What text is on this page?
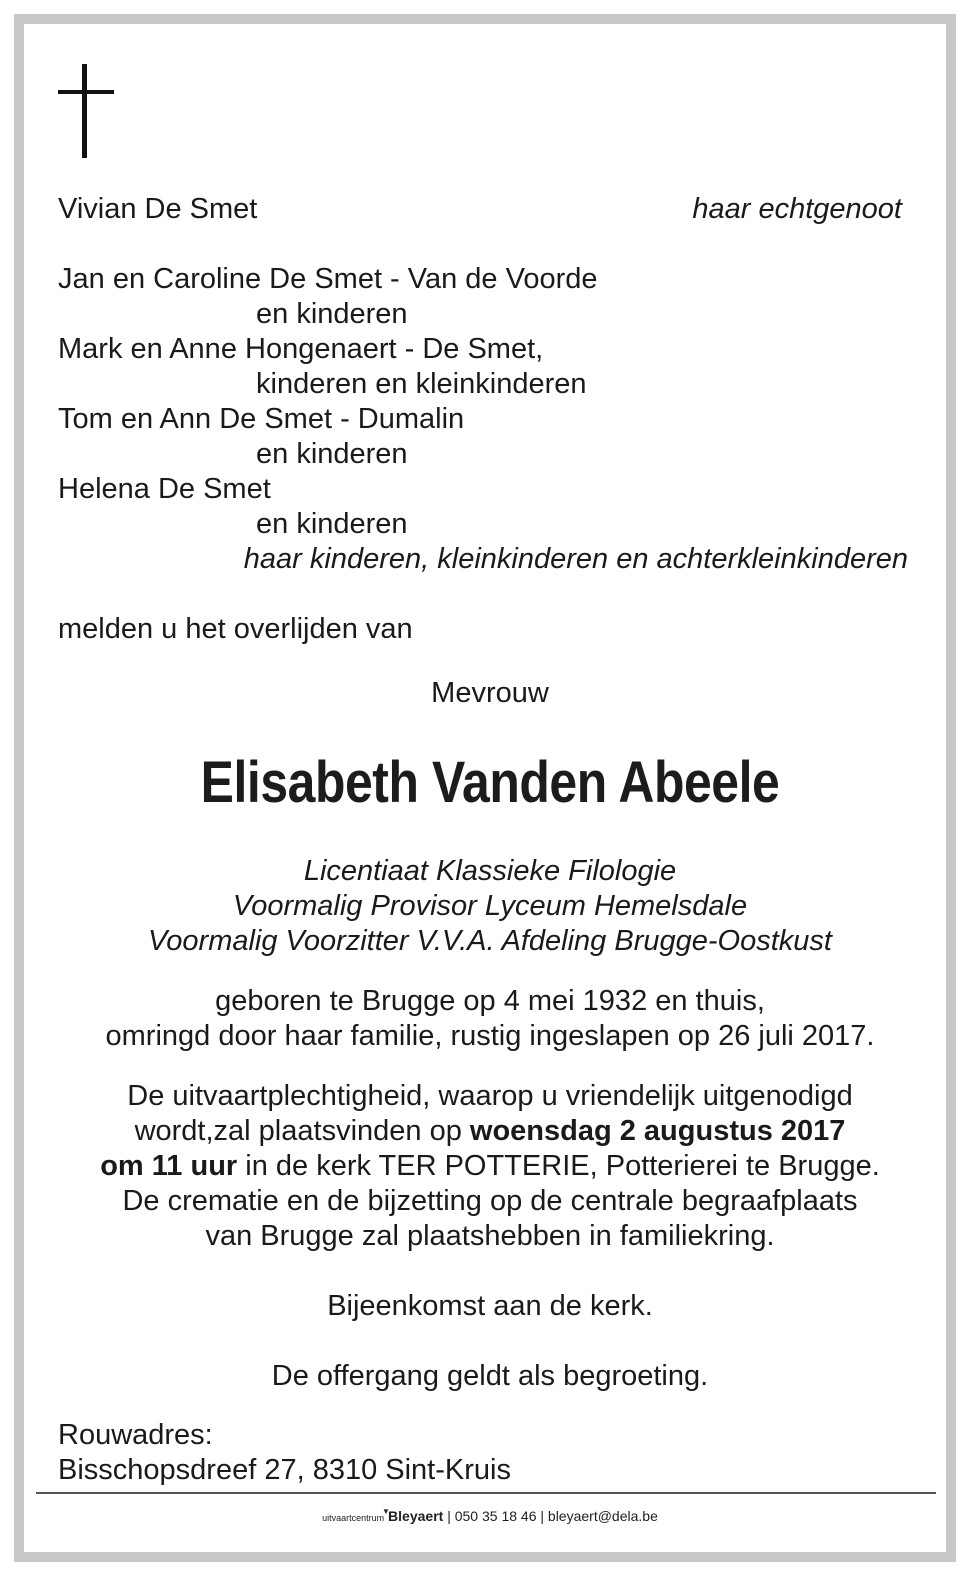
Vivian De Smet	haar echtgenoot
Jan en Caroline De Smet - Van de Voorde
en kinderen
Mark en Anne Hongenaert - De Smet,
kinderen en kleinkinderen
Tom en Ann De Smet - Dumalin
en kinderen
Helena De Smet
en kinderen
haar kinderen, kleinkinderen en achterkleinkinderen
melden u het overlijden van
Mevrouw
Elisabeth Vanden Abeele
Licentiaat Klassieke Filologie
Voormalig Provisor Lyceum Hemelsdale
Voormalig Voorzitter V.V.A. Afdeling Brugge-Oostkust
geboren te Brugge op 4 mei 1932 en thuis,
omringd door haar familie, rustig ingeslapen op 26 juli 2017.
De uitvaartplechtigheid, waarop u vriendelijk uitgenodigd
wordt,zal plaatsvinden op woensdag 2 augustus 2017
om 11 uur in de kerk TER POTTERIE, Potterierei te Brugge.
De crematie en de bijzetting op de centrale begraafplaats
van Brugge zal plaatshebben in familiekring.
Bijeenkomst aan de kerk.
De offergang geldt als begroeting.
Rouwadres:
Bisschopsdreef 27, 8310 Sint-Kruis
uitvaartcentrum
▼
Bleyaert | 050 35 18 46 | bleyaert@dela.be
